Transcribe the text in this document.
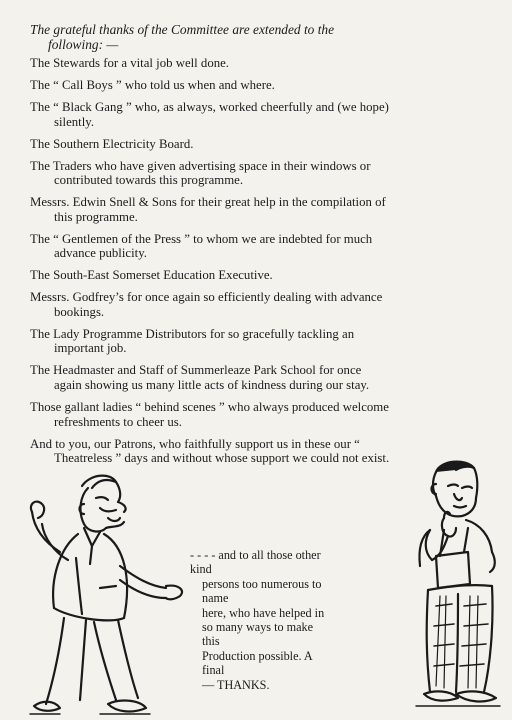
The grateful thanks of the Committee are extended to the
following: —

The Stewards for a vital job well done.

The “ Call Boys ” who told us when and where.

The “ Black Gang ” who, as always, worked cheerfully and (we hope) silently.

The Southern Electricity Board.

The Traders who have given advertising space in their windows or contributed towards this programme.

Messrs. Edwin Snell & Sons for their great help in the compilation of this programme.

The “ Gentlemen of the Press ” to whom we are indebted for much advance publicity.

The South-East Somerset Education Executive.

Messrs. Godfrey’s for once again so efficiently dealing with advance bookings.

The Lady Programme Distributors for so gracefully tackling an important job.

The Headmaster and Staff of Summerleaze Park School for once again showing us many little acts of kindness during our stay.

Those gallant ladies “ behind scenes ” who always produced welcome refreshments to cheer us.

And to you, our Patrons, who faithfully support us in these our “ Theatreless ” days and without whose support we could not exist.

- - - - and to all those other kind
persons too numerous to name
here, who have helped in
so many ways to make this
Production possible. A final
— THANKS.
